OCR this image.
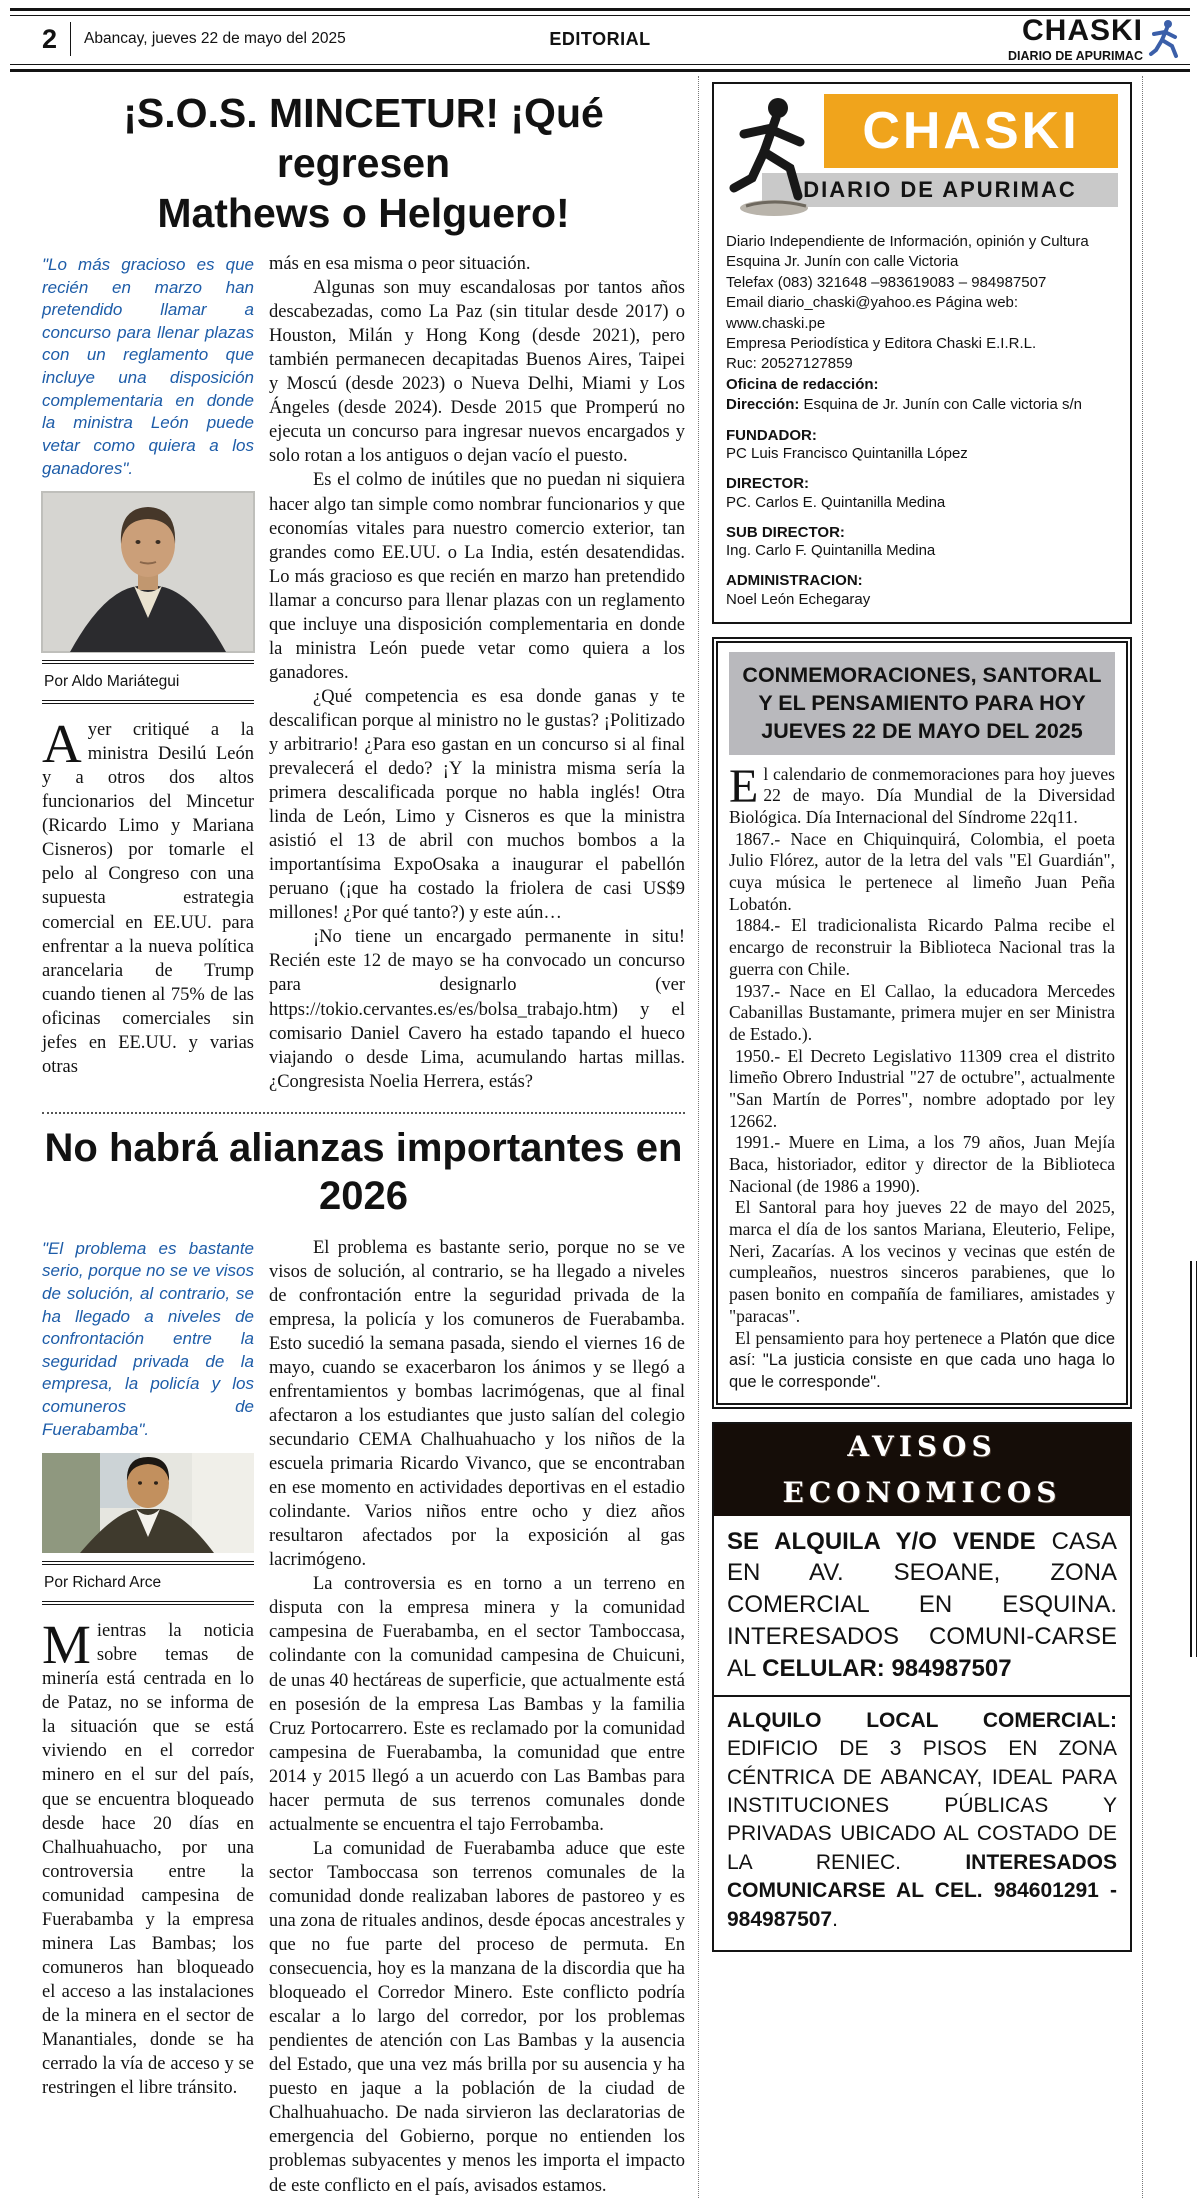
2 Abancay, jueves 22 de mayo del 2025	EDITORIAL	CHASKI
DIARIO DE APURIMAC
¡S.O.S. MINCETUR! ¡Qué regresen
Mathews o Helguero!

"Lo más gracioso es que recién en marzo han pretendido llamar a concurso para llenar plazas con un reglamento que incluye una disposición complementaria en donde la ministra León puede vetar como quiera a los ganadores".

Por Aldo Mariátegui

Ayer critiqué a la ministra Desilú León y a otros dos altos funcionarios del Mincetur (Ricardo Limo y Mariana Cisneros) por tomarle el pelo al Congreso con una supuesta estrategia comercial en EE.UU. para enfrentar a la nueva política arancelaria de Trump cuando tienen al 75% de las oficinas comerciales sin jefes en EE.UU. y varias otras

más en esa misma o peor situación.

Algunas son muy escandalosas por tantos años descabezadas, como La Paz (sin titular desde 2017) o Houston, Milán y Hong Kong (desde 2021), pero también permanecen decapitadas Buenos Aires, Taipei y Moscú (desde 2023) o Nueva Delhi, Miami y Los Ángeles (desde 2024). Desde 2015 que Promperú no ejecuta un concurso para ingresar nuevos encargados y solo rotan a los antiguos o dejan vacío el puesto.

Es el colmo de inútiles que no puedan ni siquiera hacer algo tan simple como nombrar funcionarios y que economías vitales para nuestro comercio exterior, tan grandes como EE.UU. o La India, estén desatendidas. Lo más gracioso es que recién en marzo han pretendido llamar a concurso para llenar plazas con un reglamento que incluye una disposición complementaria en donde la ministra León puede vetar como quiera a los ganadores.

¿Qué competencia es esa donde ganas y te descalifican porque al ministro no le gustas? ¡Politizado y arbitrario! ¿Para eso gastan en un concurso si al final prevalecerá el dedo? ¡Y la ministra misma sería la primera descalificada porque no habla inglés! Otra linda de León, Limo y Cisneros es que la ministra asistió el 13 de abril con muchos bombos a la importantísima ExpoOsaka a inaugurar el pabellón peruano (¡que ha costado la friolera de casi US$9 millones! ¿Por qué tanto?) y este aún…

¡No tiene un encargado permanente in situ! Recién este 12 de mayo se ha convocado un concurso para designarlo (ver https://tokio.cervantes.es/es/bolsa_trabajo.htm) y el comisario Daniel Cavero ha estado tapando el hueco viajando o desde Lima, acumulando hartas millas. ¿Congresista Noelia Herrera, estás?

No habrá alianzas importantes en 2026

"El problema es bastante serio, porque no se ve visos de solución, al contrario, se ha llegado a niveles de confrontación entre la seguridad privada de la empresa, la policía y los comuneros de Fuerabamba".

Por Richard Arce

Mientras la noticia sobre temas de minería está centrada en lo de Pataz, no se informa de la situación que se está viviendo en el corredor minero en el sur del país, que se encuentra bloqueado desde hace 20 días en Chalhuahuacho, por una controversia entre la comunidad campesina de Fuerabamba y la empresa minera Las Bambas; los comuneros han bloqueado el acceso a las instalaciones de la minera en el sector de Manantiales, donde se ha cerrado la vía de acceso y se restringen el libre tránsito.

El problema es bastante serio, porque no se ve visos de solución, al contrario, se ha llegado a niveles de confrontación entre la seguridad privada de la empresa, la policía y los comuneros de Fuerabamba. Esto sucedió la semana pasada, siendo el viernes 16 de mayo, cuando se exacerbaron los ánimos y se llegó a enfrentamientos y bombas lacrimógenas, que al final afectaron a los estudiantes que justo salían del colegio secundario CEMA Chalhuahuacho y los niños de la escuela primaria Ricardo Vivanco, que se encontraban en ese momento en actividades deportivas en el estadio colindante. Varios niños entre ocho y diez años resultaron afectados por la exposición al gas lacrimógeno.

La controversia es en torno a un terreno en disputa con la empresa minera y la comunidad campesina de Fuerabamba, en el sector Tamboccasa, colindante con la comunidad campesina de Chuicuni, de unas 40 hectáreas de superficie, que actualmente está en posesión de la empresa Las Bambas y la familia Cruz Portocarrero. Este es reclamado por la comunidad campesina de Fuerabamba, la comunidad que entre 2014 y 2015 llegó a un acuerdo con Las Bambas para hacer permuta de sus terrenos comunales donde actualmente se encuentra el tajo Ferrobamba.

La comunidad de Fuerabamba aduce que este sector Tamboccasa son terrenos comunales de la comunidad donde realizaban labores de pastoreo y es una zona de rituales andinos, desde épocas ancestrales y que no fue parte del proceso de permuta. En consecuencia, hoy es la manzana de la discordia que ha bloqueado el Corredor Minero. Este conflicto podría escalar a lo largo del corredor, por los problemas pendientes de atención con Las Bambas y la ausencia del Estado, que una vez más brilla por su ausencia y ha puesto en jaque a la población de la ciudad de Chalhuahuacho. De nada sirvieron las declaratorias de emergencia del Gobierno, porque no entienden los problemas subyacentes y menos les importa el impacto de este conflicto en el país, avisados estamos.

CHASKI
DIARIO DE APURIMAC
Diario Independiente de Información, opinión y Cultura
Esquina Jr. Junín con calle Victoria
Telefax (083) 321648 –983619083 – 984987507
Email diario_chaski@yahoo.es Página web: www.chaski.pe
Empresa Periodística y Editora Chaski E.I.R.L.
Ruc: 20527127859
Oficina de redacción:
Dirección: Esquina de Jr. Junín con Calle victoria s/n
FUNDADOR:
PC Luis Francisco Quintanilla López
DIRECTOR:
PC. Carlos E. Quintanilla Medina
SUB DIRECTOR:
Ing. Carlo F. Quintanilla Medina
ADMINISTRACION:
Noel León Echegaray
CONMEMORACIONES, SANTORAL
Y EL PENSAMIENTO PARA HOY
JUEVES 22 DE MAYO DEL 2025

El calendario de conmemoraciones para hoy jueves 22 de mayo. Día Mundial de la Diversidad Biológica. Día Internacional del Síndrome 22q11.

1867.- Nace en Chiquinquirá, Colombia, el poeta Julio Flórez, autor de la letra del vals "El Guardián", cuya música le pertenece al limeño Juan Peña Lobatón.

1884.- El tradicionalista Ricardo Palma recibe el encargo de reconstruir la Biblioteca Nacional tras la guerra con Chile.

1937.- Nace en El Callao, la educadora Mercedes Cabanillas Bustamante, primera mujer en ser Ministra de Estado.).

1950.- El Decreto Legislativo 11309 crea el distrito limeño Obrero Industrial "27 de octubre", actualmente "San Martín de Porres", nombre adoptado por ley 12662.

1991.- Muere en Lima, a los 79 años, Juan Mejía Baca, historiador, editor y director de la Biblioteca Nacional (de 1986 a 1990).

El Santoral para hoy jueves 22 de mayo del 2025, marca el día de los santos Mariana, Eleuterio, Felipe, Neri, Zacarías. A los vecinos y vecinas que estén de cumpleaños, nuestros sinceros parabienes, que lo pasen bonito en compañía de familiares, amistades y "paracas".

El pensamiento para hoy pertenece a Platón que dice así: "La justicia consiste en que cada uno haga lo que le corresponde".

AVISOS ECONOMICOS

SE ALQUILA Y/O VENDE CASA EN AV. SEOANE, ZONA COMERCIAL EN ESQUINA. INTERESADOS COMUNI-CARSE AL CELULAR: 984987507

ALQUILO LOCAL COMERCIAL: EDIFICIO DE 3 PISOS EN ZONA CÉNTRICA DE ABANCAY, IDEAL PARA INSTITUCIONES PÚBLICAS Y PRIVADAS UBICADO AL COSTADO DE LA RENIEC. INTERESADOS COMUNICARSE AL CEL. 984601291 - 984987507.
